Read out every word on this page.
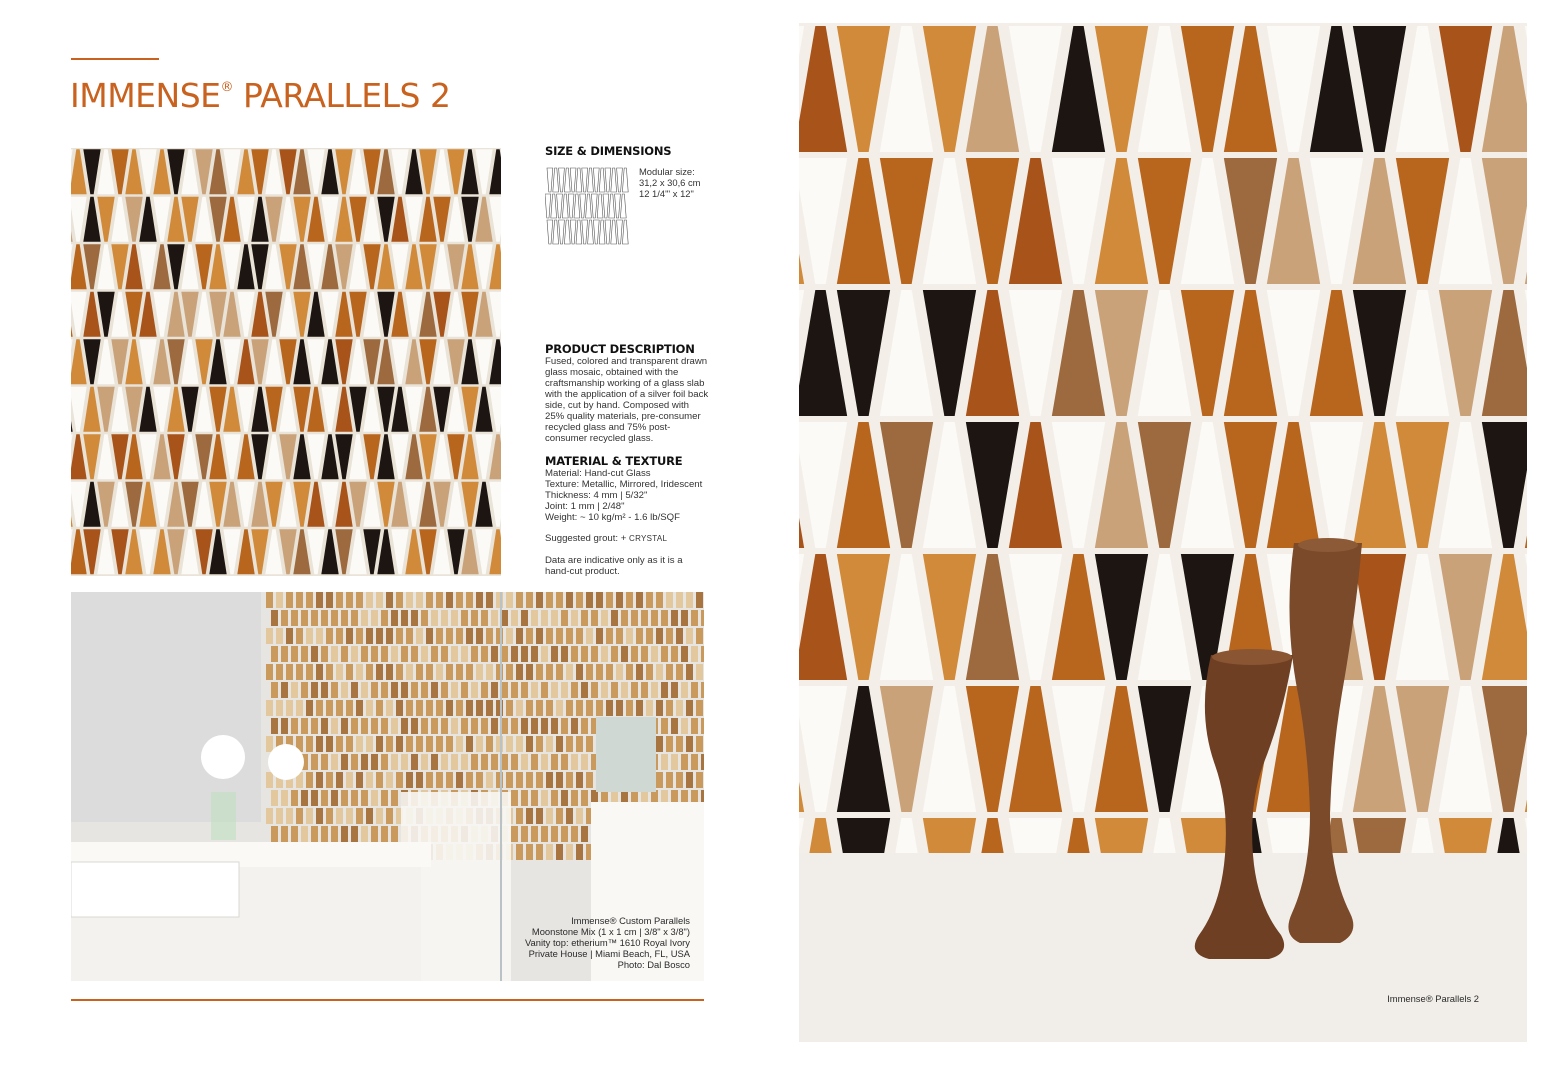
IMMENSE® PARALLELS 2
SIZE & DIMENSIONS
Modular size:
31,2 x 30,6 cm
12 1/4"' x 12"
PRODUCT DESCRIPTION
Fused, colored and transparent drawn glass mosaic, obtained with the craftsmanship working of a glass slab with the application of a silver foil back side, cut by hand. Composed with 25% quality materials, pre-consumer recycled glass and 75% post-consumer recycled glass.
MATERIAL & TEXTURE
Material: Hand-cut Glass
Texture: Metallic, Mirrored, Iridescent
Thickness: 4 mm | 5/32"
Joint: 1 mm | 2/48"
Weight: ~ 10 kg/m² - 1.6 lb/SQF
Suggested grout: + CRYSTAL
Data are indicative only as it is a hand-cut product.
Immense® Custom Parallels
Moonstone Mix (1 x 1 cm | 3/8" x 3/8")
Vanity top: etherium™ 1610 Royal Ivory
Private House | Miami Beach, FL, USA
Photo: Dal Bosco
Immense® Parallels 2
